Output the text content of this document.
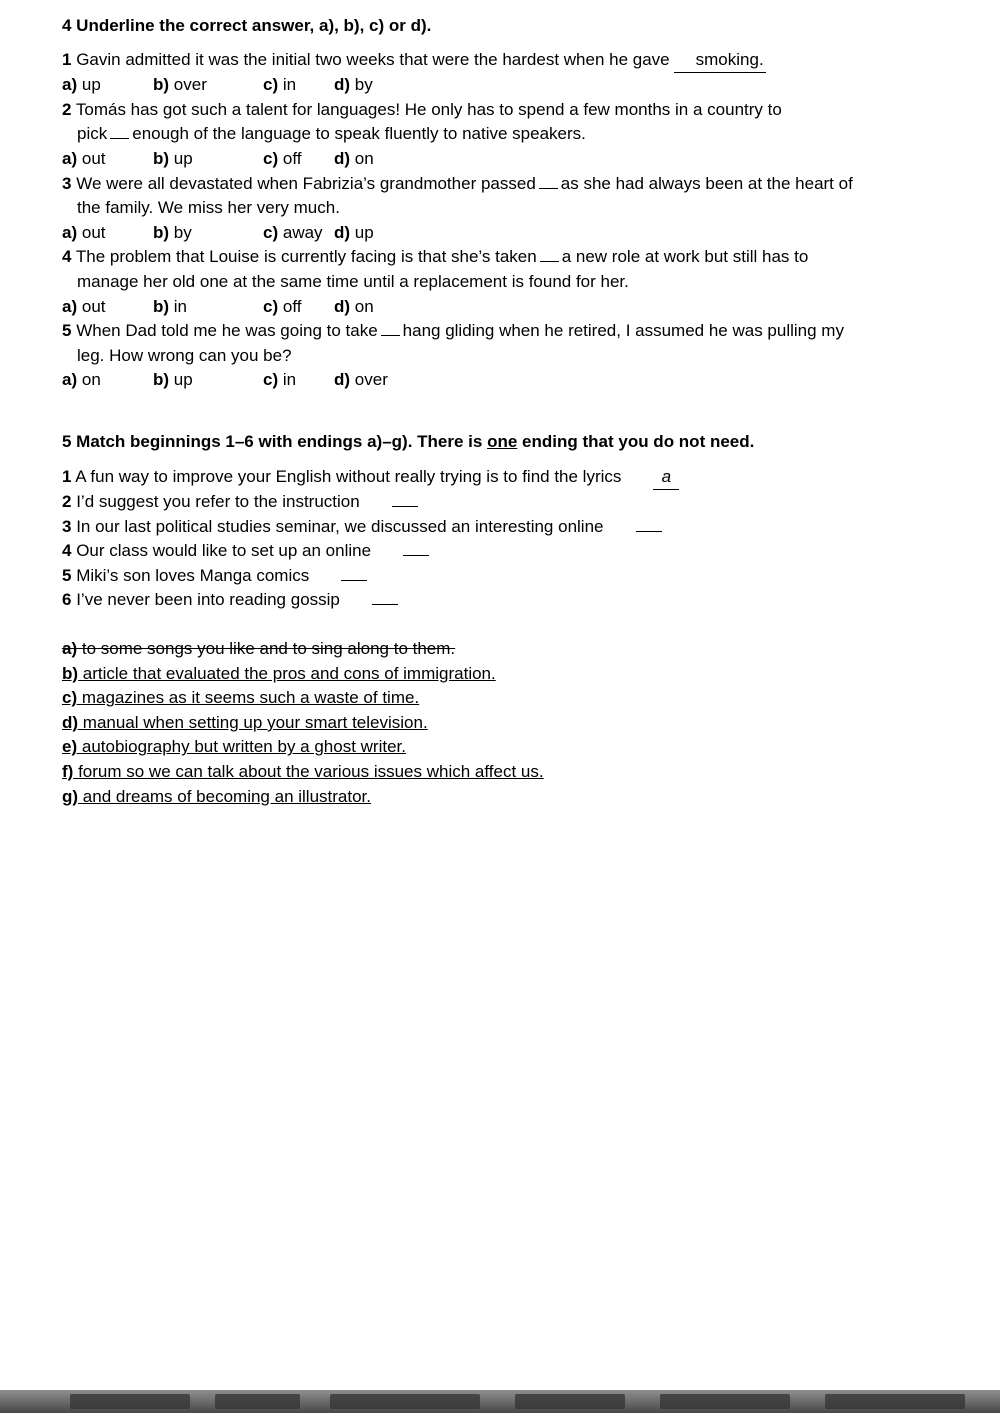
4 Underline the correct answer, a), b), c) or d).

1 Gavin admitted it was the initial two weeks that were the hardest when he gave smoking.

a) up	b) over	c) in d) by

2 Tomás has got such a talent for languages! He only has to spend a few months in a country to

pick enough of the language to speak fluently to native speakers.

a) out	b) up	c) off d) on

3 We were all devastated when Fabrizia’s grandmother passed as she had always been at the heart of

the family. We miss her very much.

a) out	b) by	c) away d) up

4 The problem that Louise is currently facing is that she’s taken a new role at work but still has to

manage her old one at the same time until a replacement is found for her.

a) out	b) in	c) off d) on

5 When Dad told me he was going to take hang gliding when he retired, I assumed he was pulling my

leg. How wrong can you be?

a) on	b) up	c) in d) over

5 Match beginnings 1–6 with endings a)–g). There is one ending that you do not need.

1 A fun way to improve your English without really trying is to find the lyrics a

2 I’d suggest you refer to the instruction

3 In our last political studies seminar, we discussed an interesting online

4 Our class would like to set up an online

5 Miki’s son loves Manga comics

6 I’ve never been into reading gossip

a) to some songs you like and to sing along to them.

b) article that evaluated the pros and cons of immigration.

c) magazines as it seems such a waste of time.

d) manual when setting up your smart television.

e) autobiography but written by a ghost writer.

f) forum so we can talk about the various issues which affect us.

g) and dreams of becoming an illustrator.
